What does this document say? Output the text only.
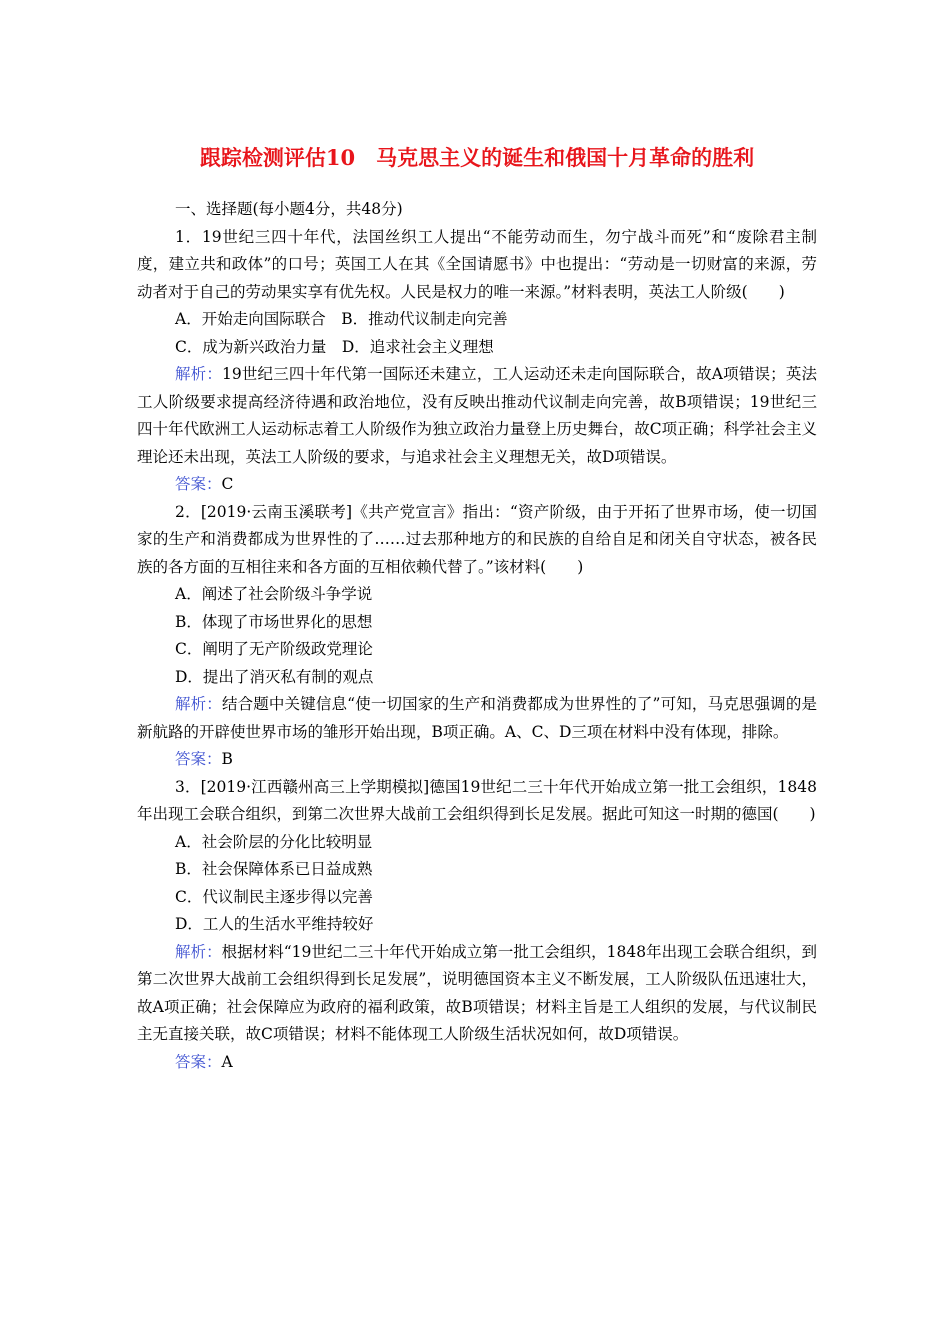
跟踪检测评估10　马克思主义的诞生和俄国十月革命的胜利

一、选择题(每小题4分，共48分)

1．19世纪三四十年代，法国丝织工人提出“不能劳动而生，勿宁战斗而死”和“废除君主制度，建立共和政体”的口号；英国工人在其《全国请愿书》中也提出：“劳动是一切财富的来源，劳动者对于自己的劳动果实享有优先权。人民是权力的唯一来源。”材料表明，英法工人阶级(　　)

A．开始走向国际联合　B．推动代议制走向完善

C．成为新兴政治力量　D．追求社会主义理想

解析：19世纪三四十年代第一国际还未建立，工人运动还未走向国际联合，故A项错误；英法工人阶级要求提高经济待遇和政治地位，没有反映出推动代议制走向完善，故B项错误；19世纪三四十年代欧洲工人运动标志着工人阶级作为独立政治力量登上历史舞台，故C项正确；科学社会主义理论还未出现，英法工人阶级的要求，与追求社会主义理想无关，故D项错误。

答案：C

2．[2019·云南玉溪联考]《共产党宣言》指出：“资产阶级，由于开拓了世界市场，使一切国家的生产和消费都成为世界性的了……过去那种地方的和民族的自给自足和闭关自守状态，被各民族的各方面的互相往来和各方面的互相依赖代替了。”该材料(　　)

A．阐述了社会阶级斗争学说

B．体现了市场世界化的思想

C．阐明了无产阶级政党理论

D．提出了消灭私有制的观点

解析：结合题中关键信息“使一切国家的生产和消费都成为世界性的了”可知，马克思强调的是新航路的开辟使世界市场的雏形开始出现，B项正确。A、C、D三项在材料中没有体现，排除。

答案：B

3．[2019·江西赣州高三上学期模拟]德国19世纪二三十年代开始成立第一批工会组织，1848年出现工会联合组织，到第二次世界大战前工会组织得到长足发展。据此可知这一时期的德国(　　)

A．社会阶层的分化比较明显

B．社会保障体系已日益成熟

C．代议制民主逐步得以完善

D．工人的生活水平维持较好

解析：根据材料“19世纪二三十年代开始成立第一批工会组织，1848年出现工会联合组织，到第二次世界大战前工会组织得到长足发展”，说明德国资本主义不断发展，工人阶级队伍迅速壮大，故A项正确；社会保障应为政府的福利政策，故B项错误；材料主旨是工人组织的发展，与代议制民主无直接关联，故C项错误；材料不能体现工人阶级生活状况如何，故D项错误。

答案：A
